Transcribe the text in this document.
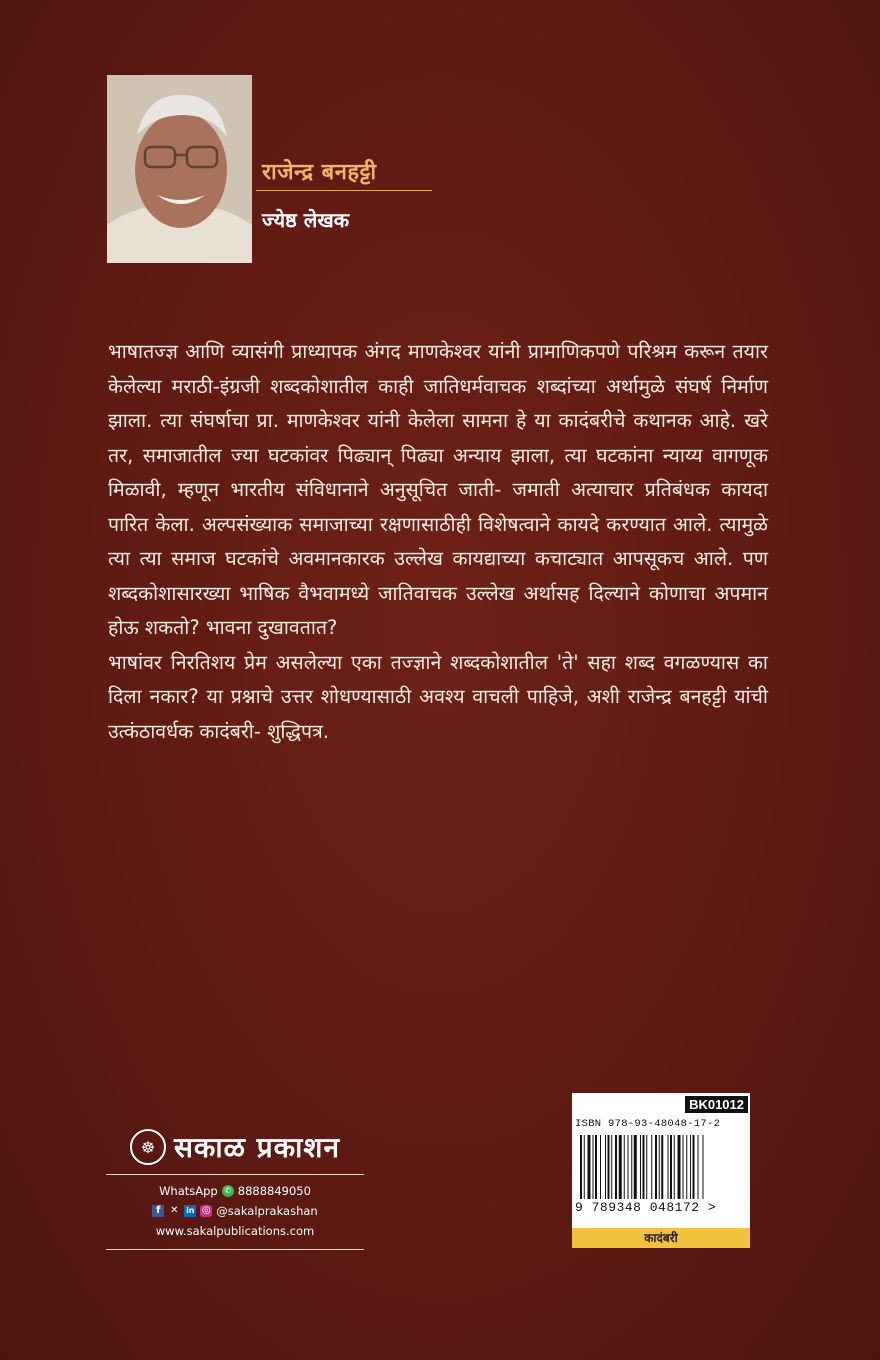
राजेन्द्र बनहट्टी
ज्येष्ठ लेखक

भाषातज्ज्ञ आणि व्यासंगी प्राध्यापक अंगद माणकेश्वर यांनी प्रामाणिकपणे परिश्रम करून तयार केलेल्या मराठी-इंग्रजी शब्दकोशातील काही जातिधर्मवाचक शब्दांच्या अर्थामुळे संघर्ष निर्माण झाला. त्या संघर्षाचा प्रा. माणकेश्वर यांनी केलेला सामना हे या कादंबरीचे कथानक आहे. खरे तर, समाजातील ज्या घटकांवर पिढ्यान् पिढ्या अन्याय झाला, त्या घटकांना न्याय्य वागणूक मिळावी, म्हणून भारतीय संविधानाने अनुसूचित जाती- जमाती अत्याचार प्रतिबंधक कायदा पारित केला. अल्पसंख्याक समाजाच्या रक्षणासाठीही विशेषत्वाने कायदे करण्यात आले. त्यामुळे त्या त्या समाज घटकांचे अवमानकारक उल्लेख कायद्याच्या कचाट्यात आपसूकच आले. पण शब्दकोशासारख्या भाषिक वैभवामध्ये जातिवाचक उल्लेख अर्थासह दिल्याने कोणाचा अपमान होऊ शकतो? भावना दुखावतात?

भाषांवर निरतिशय प्रेम असलेल्या एका तज्ज्ञाने शब्दकोशातील 'ते' सहा शब्द वगळण्यास का दिला नकार? या प्रश्नाचे उत्तर शोधण्यासाठी अवश्य वाचली पाहिजे, अशी राजेन्द्र बनहट्टी यांची उत्कंठावर्धक कादंबरी- शुद्धिपत्र.

☸ सकाळ प्रकाशन
WhatsApp ✆ 8888849050
f ✕ in ◎ @sakalprakashan
www.sakalpublications.com
BK01012
ISBN 978-93-48048-17-2
9 789348 048172 >
कादंबरी
